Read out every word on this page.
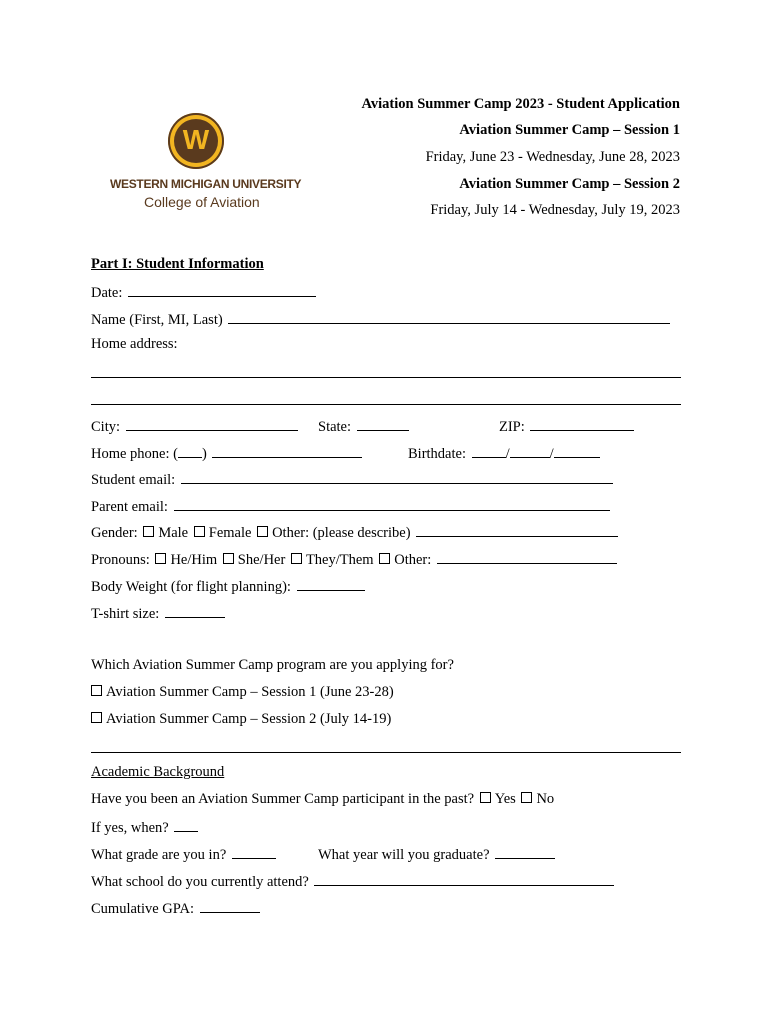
W
WESTERN MICHIGAN UNIVERSITY
College of Aviation
Aviation Summer Camp 2023 - Student Application
Aviation Summer Camp – Session 1
Friday, June 23 - Wednesday, June 28, 2023
Aviation Summer Camp – Session 2
Friday, July 14 - Wednesday, July 19, 2023
Part I: Student Information
Date:
Name (First, MI, Last)
Home address:
City:	State:	ZIP:
Home phone: ( )	Birthdate:	/	/
Student email:
Parent email:
Gender: Male Female Other: (please describe)
Pronouns: He/Him She/Her They/Them Other:
Body Weight (for flight planning):
T-shirt size:
Which Aviation Summer Camp program are you applying for?
Aviation Summer Camp – Session 1 (June 23-28)
Aviation Summer Camp – Session 2 (July 14-19)
Academic Background
Have you been an Aviation Summer Camp participant in the past? Yes No
If yes, when?
What grade are you in?	What year will you graduate?
What school do you currently attend?
Cumulative GPA:
